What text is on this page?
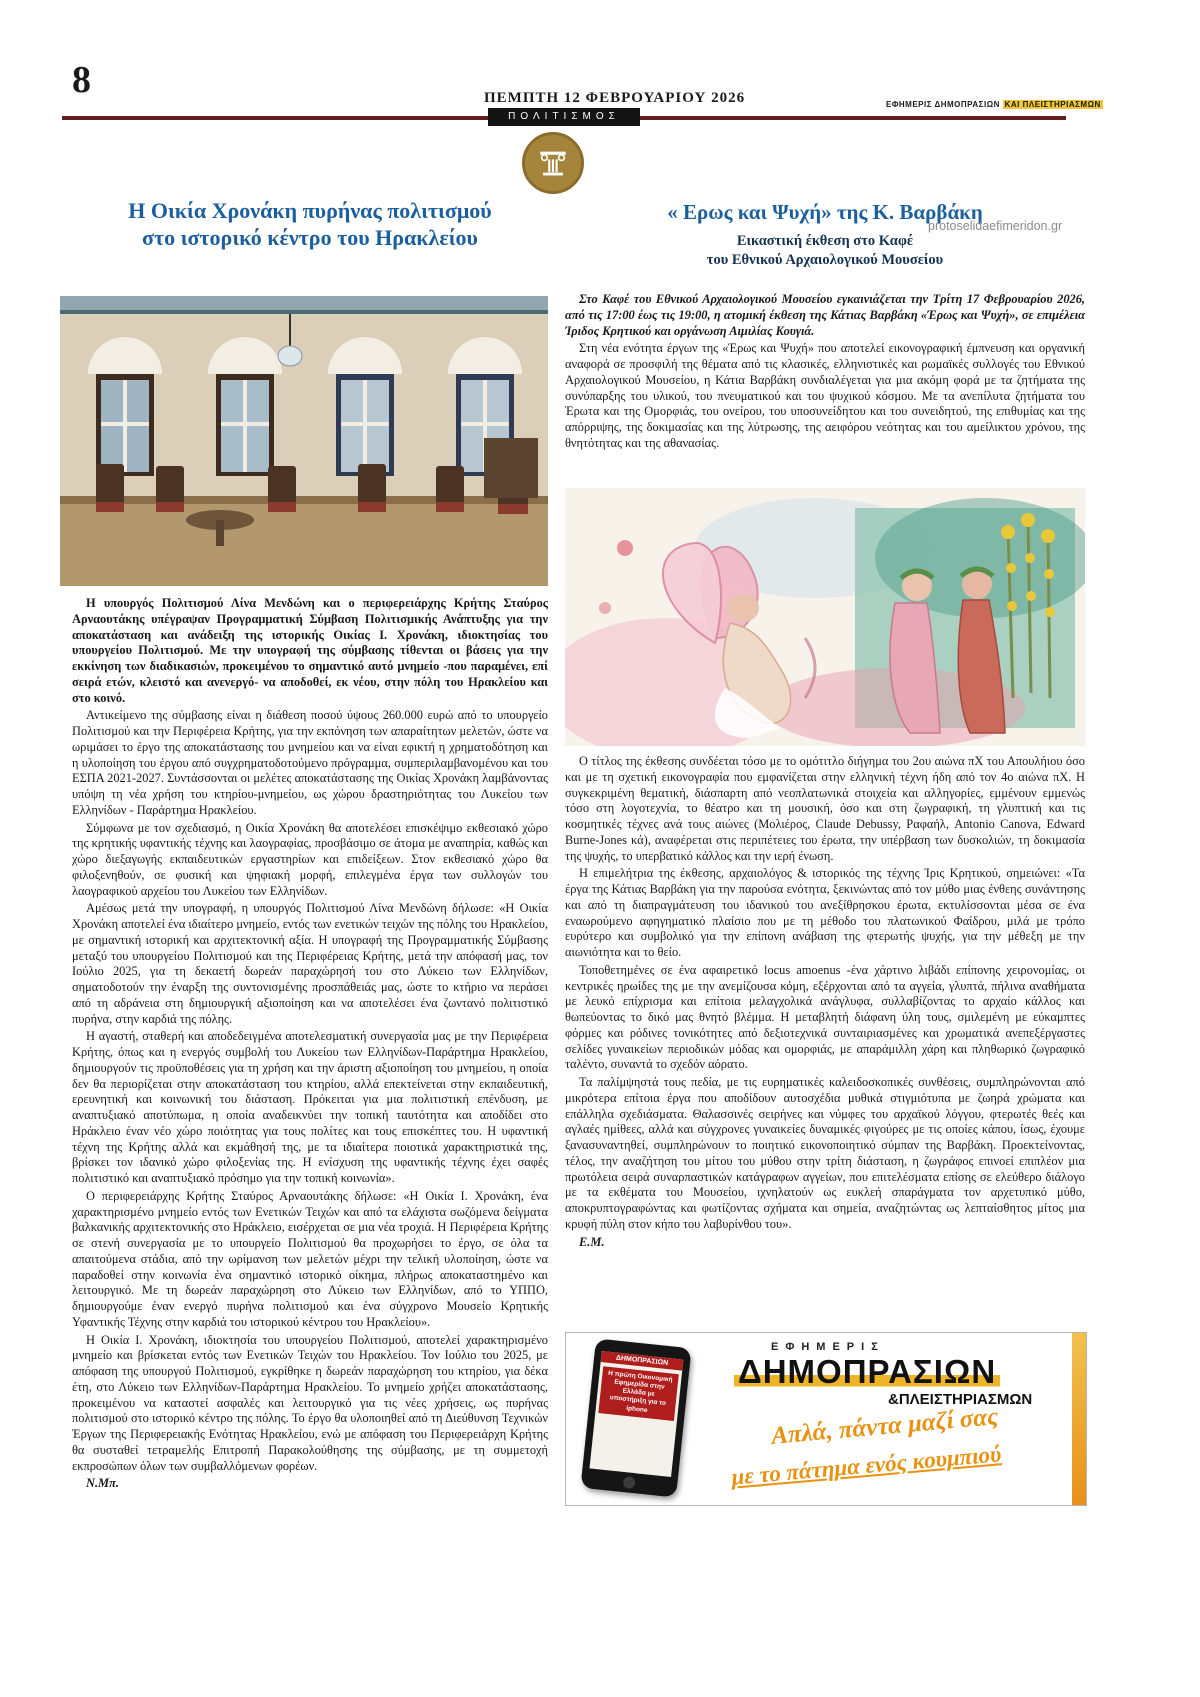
8	ΠΕΜΠΤΗ 12 ΦΕΒΡΟΥΑΡΙΟΥ 2026	ΕΦΗΜΕΡΙΣ ΔΗΜΟΠΡΑΣΙΩΝ ΚΑΙ ΠΛΕΙΣΤΗΡΙΑΣΜΩΝ
ΠΟΛΙΤΙΣΜΟΣ
protoselidaefimeridon.gr
Η Οικία Χρονάκη πυρήνας πολιτισμού
στο ιστορικό κέντρο του Ηρακλείου

Η υπουργός Πολιτισμού Λίνα Μενδώνη και ο περιφερειάρχης Κρήτης Σταύρος Αρναουτάκης υπέγραψαν Προγραμματική Σύμβαση Πολιτισμικής Ανάπτυξης για την αποκατάσταση και ανάδειξη της ιστορικής Οικίας Ι. Χρονάκη, ιδιοκτησίας του υπουργείου Πολιτισμού. Με την υπογραφή της σύμβασης τίθενται οι βάσεις για την εκκίνηση των διαδικασιών, προκειμένου το σημαντικό αυτό μνημείο -που παραμένει, επί σειρά ετών, κλειστό και ανενεργό- να αποδοθεί, εκ νέου, στην πόλη του Ηρακλείου και στο κοινό.

Αντικείμενο της σύμβασης είναι η διάθεση ποσού ύψους 260.000 ευρώ από το υπουργείο Πολιτισμού και την Περιφέρεια Κρήτης, για την εκπόνηση των απαραίτητων μελετών, ώστε να ωριμάσει το έργο της αποκατάστασης του μνημείου και να είναι εφικτή η χρηματοδότηση και η υλοποίηση του έργου από συγχρηματοδοτούμενο πρόγραμμα, συμπεριλαμβανομένου και του ΕΣΠΑ 2021-2027. Συντάσσονται οι μελέτες αποκατάστασης της Οικίας Χρονάκη λαμβάνοντας υπόψη τη νέα χρήση του κτηρίου-μνημείου, ως χώρου δραστηριότητας του Λυκείου των Ελληνίδων - Παράρτημα Ηρακλείου.

Σύμφωνα με τον σχεδιασμό, η Οικία Χρονάκη θα αποτελέσει επισκέψιμο εκθεσιακό χώρο της κρητικής υφαντικής τέχνης και λαογραφίας, προσβάσιμο σε άτομα με αναπηρία, καθώς και χώρο διεξαγωγής εκπαιδευτικών εργαστηρίων και επιδείξεων. Στον εκθεσιακό χώρο θα φιλοξενηθούν, σε φυσική και ψηφιακή μορφή, επιλεγμένα έργα των συλλογών του λαογραφικού αρχείου του Λυκείου των Ελληνίδων.

Αμέσως μετά την υπογραφή, η υπουργός Πολιτισμού Λίνα Μενδώνη δήλωσε: «Η Οικία Χρονάκη αποτελεί ένα ιδιαίτερο μνημείο, εντός των ενετικών τειχών της πόλης του Ηρακλείου, με σημαντική ιστορική και αρχιτεκτονική αξία. Η υπογραφή της Προγραμματικής Σύμβασης μεταξύ του υπουργείου Πολιτισμού και της Περιφέρειας Κρήτης, μετά την απόφασή μας, τον Ιούλιο 2025, για τη δεκαετή δωρεάν παραχώρησή του στο Λύκειο των Ελληνίδων, σηματοδοτούν την έναρξη της συντονισμένης προσπάθειάς μας, ώστε το κτήριο να περάσει από τη αδράνεια στη δημιουργική αξιοποίηση και να αποτελέσει ένα ζωντανό πολιτιστικό πυρήνα, στην καρδιά της πόλης.

Η αγαστή, σταθερή και αποδεδειγμένα αποτελεσματική συνεργασία μας με την Περιφέρεια Κρήτης, όπως και η ενεργός συμβολή του Λυκείου των Ελληνίδων-Παράρτημα Ηρακλείου, δημιουργούν τις προϋποθέσεις για τη χρήση και την άριστη αξιοποίηση του μνημείου, η οποία δεν θα περιορίζεται στην αποκατάσταση του κτηρίου, αλλά επεκτείνεται στην εκπαιδευτική, ερευνητική και κοινωνική του διάσταση. Πρόκειται για μια πολιτιστική επένδυση, με αναπτυξιακό αποτύπωμα, η οποία αναδεικνύει την τοπική ταυτότητα και αποδίδει στο Ηράκλειο έναν νέο χώρο ποιότητας για τους πολίτες και τους επισκέπτες του. Η υφαντική τέχνη της Κρήτης αλλά και εκμάθησή της, με τα ιδιαίτερα ποιοτικά χαρακτηριστικά της, βρίσκει τον ιδανικό χώρο φιλοξενίας της. Η ενίσχυση της υφαντικής τέχνης έχει σαφές πολιτιστικό και αναπτυξιακό πρόσημο για την τοπική κοινωνία».

Ο περιφερειάρχης Κρήτης Σταύρος Αρναουτάκης δήλωσε: «Η Οικία Ι. Χρονάκη, ένα χαρακτηρισμένο μνημείο εντός των Ενετικών Τειχών και από τα ελάχιστα σωζόμενα δείγματα βαλκανικής αρχιτεκτονικής στο Ηράκλειο, εισέρχεται σε μια νέα τροχιά. Η Περιφέρεια Κρήτης σε στενή συνεργασία με το υπουργείο Πολιτισμού θα προχωρήσει το έργο, σε όλα τα απαιτούμενα στάδια, από την ωρίμανση των μελετών μέχρι την τελική υλοποίηση, ώστε να παραδοθεί στην κοινωνία ένα σημαντικό ιστορικό οίκημα, πλήρως αποκαταστημένο και λειτουργικό. Με τη δωρεάν παραχώρηση στο Λύκειο των Ελληνίδων, από το ΥΠΠΟ, δημιουργούμε έναν ενεργό πυρήνα πολιτισμού και ένα σύγχρονο Μουσείο Κρητικής Υφαντικής Τέχνης στην καρδιά του ιστορικού κέντρου του Ηρακλείου».

Η Οικία Ι. Χρονάκη, ιδιοκτησία του υπουργείου Πολιτισμού, αποτελεί χαρακτηρισμένο μνημείο και βρίσκεται εντός των Ενετικών Τειχών του Ηρακλείου. Τον Ιούλιο του 2025, με απόφαση της υπουργού Πολιτισμού, εγκρίθηκε η δωρεάν παραχώρηση του κτηρίου, για δέκα έτη, στο Λύκειο των Ελληνίδων-Παράρτημα Ηρακλείου. Το μνημείο χρήζει αποκατάστασης, προκειμένου να καταστεί ασφαλές και λειτουργικό για τις νέες χρήσεις, ως πυρήνας πολιτισμού στο ιστορικό κέντρο της πόλης. Το έργο θα υλοποιηθεί από τη Διεύθυνση Τεχνικών Έργων της Περιφερειακής Ενότητας Ηρακλείου, ενώ με απόφαση του Περιφερειάρχη Κρήτης θα συσταθεί τετραμελής Επιτροπή Παρακολούθησης της σύμβασης, με τη συμμετοχή εκπροσώπων όλων των συμβαλλόμενων φορέων.

Ν.Μπ.

« Ερως και Ψυχή» της Κ. Βαρβάκη
Εικαστική έκθεση στο Καφέ
του Εθνικού Αρχαιολογικού Μουσείου

Στο Καφέ του Εθνικού Αρχαιολογικού Μουσείου εγκαινιάζεται την Τρίτη 17 Φεβρουαρίου 2026, από τις 17:00 έως τις 19:00, η ατομική έκθεση της Κάτιας Βαρβάκη «Έρως και Ψυχή», σε επιμέλεια Ίριδος Κρητικού και οργάνωση Αιμιλίας Κουγιά.

Στη νέα ενότητα έργων της «Έρως και Ψυχή» που αποτελεί εικονογραφική έμπνευση και οργανική αναφορά σε προσφιλή της θέματα από τις κλασικές, ελληνιστικές και ρωμαϊκές συλλογές του Εθνικού Αρχαιολογικού Μουσείου, η Κάτια Βαρβάκη συνδιαλέγεται για μια ακόμη φορά με τα ζητήματα της συνύπαρξης του υλικού, του πνευματικού και του ψυχικού κόσμου. Με τα ανεπίλυτα ζητήματα του Έρωτα και της Ομορφιάς, του ονείρου, του υποσυνείδητου και του συνειδητού, της επιθυμίας και της απόρριψης, της δοκιμασίας και της λύτρωσης, της αειφόρου νεότητας και του αμείλικτου χρόνου, της θνητότητας και της αθανασίας.

Ο τίτλος της έκθεσης συνδέεται τόσο με το ομότιτλο διήγημα του 2ου αιώνα πΧ του Απουλήιου όσο και με τη σχετική εικονογραφία που εμφανίζεται στην ελληνική τέχνη ήδη από τον 4ο αιώνα πΧ. Η συγκεκριμένη θεματική, διάσπαρτη από νεοπλατωνικά στοιχεία και αλληγορίες, εμμένουν εμμενώς τόσο στη λογοτεχνία, το θέατρο και τη μουσική, όσο και στη ζωγραφική, τη γλυπτική και τις κοσμητικές τέχνες ανά τους αιώνες (Μολιέρος, Claude Debussy, Ραφαήλ, Antonio Canova, Edward Burne-Jones κά), αναφέρεται στις περιπέτειες του έρωτα, την υπέρβαση των δυσκολιών, τη δοκιμασία της ψυχής, το υπερβατικό κάλλος και την ιερή ένωση.

Η επιμελήτρια της έκθεσης, αρχαιολόγος & ιστορικός της τέχνης Ίρις Κρητικού, σημειώνει: «Τα έργα της Κάτιας Βαρβάκη για την παρούσα ενότητα, ξεκινώντας από τον μύθο μιας ένθεης συνάντησης και από τη διαπραγμάτευση του ιδανικού του ανεξίθρησκου έρωτα, εκτυλίσσονται μέσα σε ένα εναωρούμενο αφηγηματικό πλαίσιο που με τη μέθοδο του πλατωνικού Φαίδρου, μιλά με τρόπο ευρύτερο και συμβολικό για την επίπονη ανάβαση της φτερωτής ψυχής, για την μέθεξη με την αιωνιότητα και το θείο.

Τοποθετημένες σε ένα αφαιρετικό locus amoenus -ένα χάρτινο λιβάδι επίπονης χειρονομίας, οι κεντρικές ηρωίδες της με την ανεμίζουσα κόμη, εξέρχονται από τα αγγεία, γλυπτά, πήλινα αναθήματα με λευκό επίχρισμα και επίτοια μελαγχολικά ανάγλυφα, συλλαβίζοντας το αρχαίο κάλλος και θωπεύοντας το δικό μας θνητό βλέμμα. Η μεταβλητή διάφανη ύλη τους, σμιλεμένη με εύκαμπτες φόρμες και ρόδινες τονικότητες από δεξιοτεχνικά συνταιριασμένες και χρωματικά ανεπεξέργαστες σελίδες γυναικείων περιοδικών μόδας και ομορφιάς, με απαράμιλλη χάρη και πληθωρικό ζωγραφικό ταλέντο, συναντά το σχεδόν αόρατο.

Τα παλίμψηστά τους πεδία, με τις ευρηματικές καλειδοσκοπικές συνθέσεις, συμπληρώνονται από μικρότερα επίτοια έργα που αποδίδουν αυτοσχέδια μυθικά στιγμιότυπα με ζωηρά χρώματα και επάλληλα σχεδιάσματα. Θαλασσινές σειρήνες και νύμφες του αρχαϊκού λόγγου, φτερωτές θεές και αγλαές ημίθεες, αλλά και σύγχρονες γυναικείες δυναμικές φιγούρες με τις οποίες κάπου, ίσως, έχουμε ξανασυναντηθεί, συμπληρώνουν το ποιητικό εικονοποιητικό σύμπαν της Βαρβάκη. Προεκτείνοντας, τέλος, την αναζήτηση του μίτου του μύθου στην τρίτη διάσταση, η ζωγράφος επινοεί επιπλέον μια πρωτόλεια σειρά συναρπαστικών κατάγραφων αγγείων, που επιτελέσματα επίσης σε ελεύθερο διάλογο με τα εκθέματα του Μουσείου, ιχνηλατούν ως ευκλεή σπαράγματα τον αρχετυπικό μύθο, αποκρυπτογραφώντας και φωτίζοντας σχήματα και σημεία, αναζητώντας ως λεπταίσθητος μίτος μια κρυφή πύλη στον κήπο του λαβυρίνθου του».

Ε.Μ.

ΕΦΗΜΕΡΙΣ
ΔΗΜΟΠΡΑΣΙΩΝ
&ΠΛΕΙΣΤΗΡΙΑΣΜΩΝ
ΔΗΜΟΠΡΑΣΙΩΝ
Η πρώτη Οικονομική Εφημερίδα στην Ελλάδα με υποστήριξη για το iphone	Απλά, πάντα μαζί σας
με το πάτημα ενός κουμπιού
